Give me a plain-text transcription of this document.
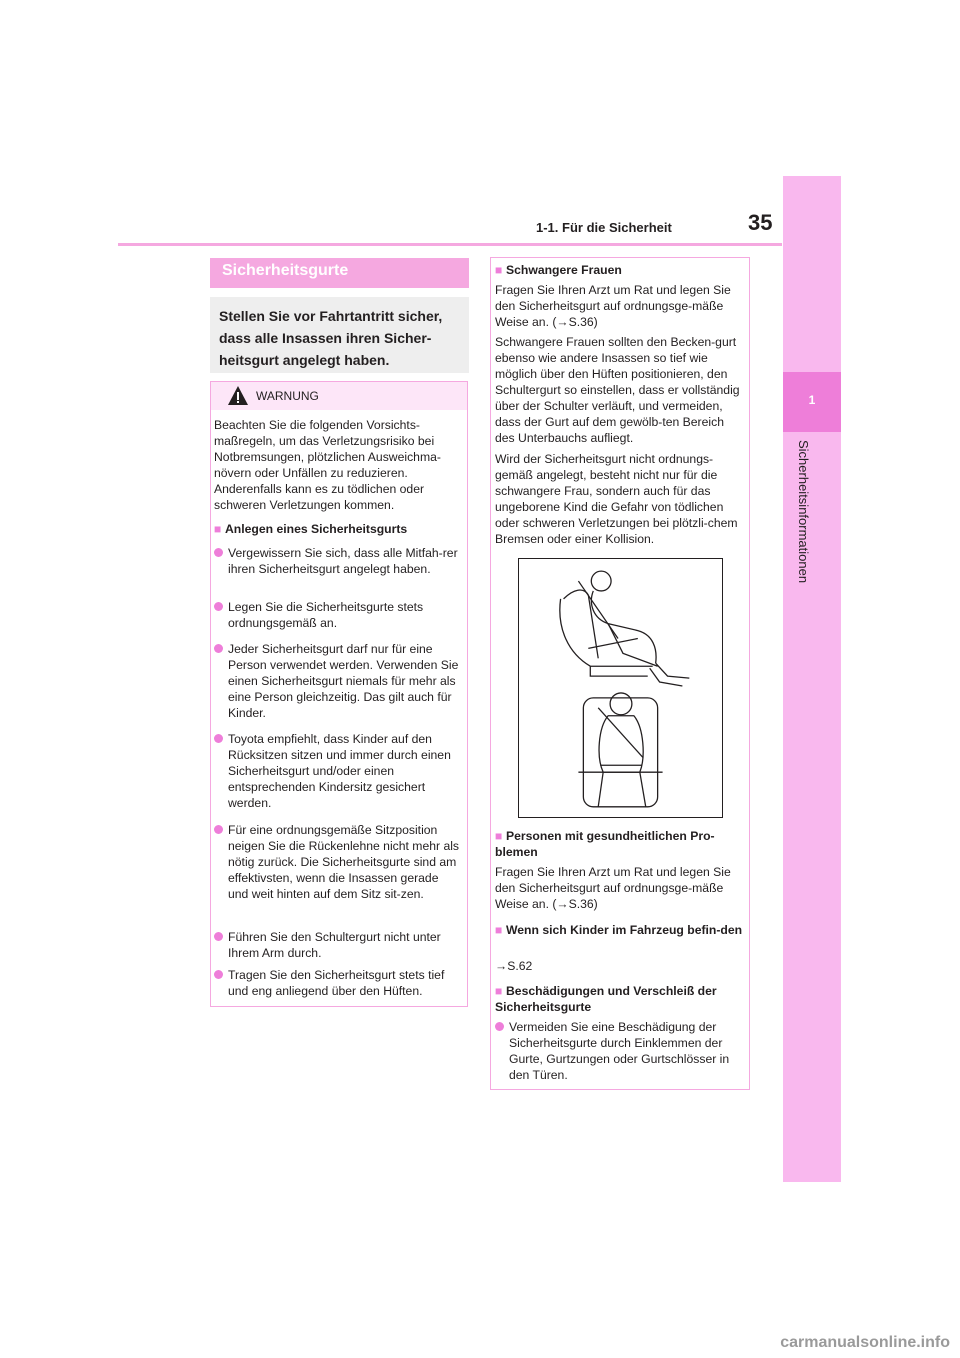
35
1-1. Für die Sicherheit
1
Sicherheitsinformationen
Sicherheitsgurte
Stellen Sie vor Fahrtantritt sicher, dass alle Insassen ihren Sicher-heitsgurt angelegt haben.
WARNUNG
Beachten Sie die folgenden Vorsichts-maßregeln, um das Verletzungsrisiko bei Notbremsungen, plötzlichen Ausweichma-növern oder Unfällen zu reduzieren. Anderenfalls kann es zu tödlichen oder schweren Verletzungen kommen.
■ Anlegen eines Sicherheitsgurts
Vergewissern Sie sich, dass alle Mitfah-rer ihren Sicherheitsgurt angelegt haben.
Legen Sie die Sicherheitsgurte stets ordnungsgemäß an.
Jeder Sicherheitsgurt darf nur für eine Person verwendet werden. Verwenden Sie einen Sicherheitsgurt niemals für mehr als eine Person gleichzeitig. Das gilt auch für Kinder.
Toyota empfiehlt, dass Kinder auf den Rücksitzen sitzen und immer durch einen Sicherheitsgurt und/oder einen entsprechenden Kindersitz gesichert werden.
Für eine ordnungsgemäße Sitzposition neigen Sie die Rückenlehne nicht mehr als nötig zurück. Die Sicherheitsgurte sind am effektivsten, wenn die Insassen gerade und weit hinten auf dem Sitz sit-zen.
Führen Sie den Schultergurt nicht unter Ihrem Arm durch.
Tragen Sie den Sicherheitsgurt stets tief und eng anliegend über den Hüften.
■ Schwangere Frauen
Fragen Sie Ihren Arzt um Rat und legen Sie den Sicherheitsgurt auf ordnungsge-mäße Weise an. (→S.36)
Schwangere Frauen sollten den Becken-gurt ebenso wie andere Insassen so tief wie möglich über den Hüften positionieren, den Schultergurt so einstellen, dass er vollständig über der Schulter verläuft, und vermeiden, dass der Gurt auf dem gewölb-ten Bereich des Unterbauchs aufliegt.
Wird der Sicherheitsgurt nicht ordnungs-gemäß angelegt, besteht nicht nur für die schwangere Frau, sondern auch für das ungeborene Kind die Gefahr von tödlichen oder schweren Verletzungen bei plötzli-chem Bremsen oder einer Kollision.
■ Personen mit gesundheitlichen Pro-blemen
Fragen Sie Ihren Arzt um Rat und legen Sie den Sicherheitsgurt auf ordnungsge-mäße Weise an. (→S.36)
■ Wenn sich Kinder im Fahrzeug befin-den
→S.62
■ Beschädigungen und Verschleiß der Sicherheitsgurte
Vermeiden Sie eine Beschädigung der Sicherheitsgurte durch Einklemmen der Gurte, Gurtzungen oder Gurtschlösser in den Türen.
carmanualsonline.info
